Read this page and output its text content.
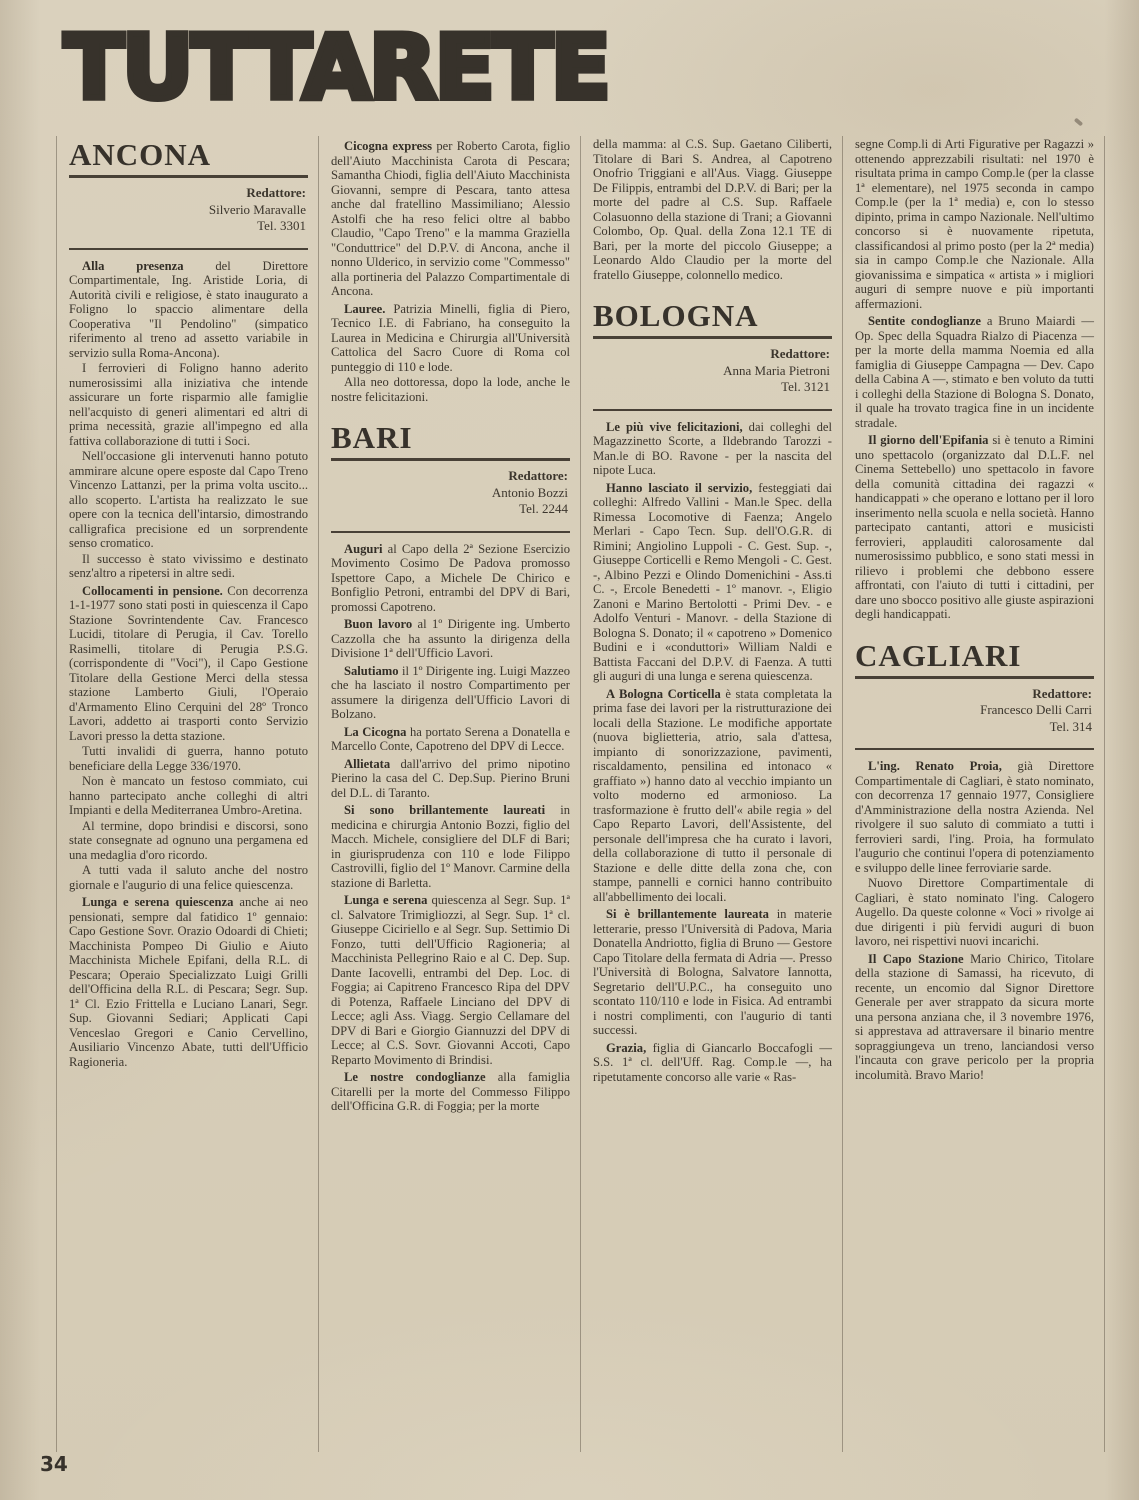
TUTTARETE
ANCONA
Redattore:
Silverio Maravalle
Tel. 3301

Alla presenza del Direttore Compartimentale, Ing. Aristide Loria, di Autorità civili e religiose, è stato inaugurato a Foligno lo spaccio alimentare della Cooperativa "Il Pendolino" (simpatico riferimento al treno ad assetto variabile in servizio sulla Roma-Ancona).

I ferrovieri di Foligno hanno aderito numerosissimi alla iniziativa che intende assicurare un forte risparmio alle famiglie nell'acquisto di generi alimentari ed altri di prima necessità, grazie all'impegno ed alla fattiva collaborazione di tutti i Soci.

Nell'occasione gli intervenuti hanno potuto ammirare alcune opere esposte dal Capo Treno Vincenzo Lattanzi, per la prima volta uscito... allo scoperto. L'artista ha realizzato le sue opere con la tecnica dell'intarsio, dimostrando calligrafica precisione ed un sorprendente senso cromatico.

Il successo è stato vivissimo e destinato senz'altro a ripetersi in altre sedi.

Collocamenti in pensione. Con decorrenza 1-1-1977 sono stati posti in quiescenza il Capo Stazione Sovrintendente Cav. Francesco Lucidi, titolare di Perugia, il Cav. Torello Rasimelli, titolare di Perugia P.S.G. (corrispondente di "Voci"), il Capo Gestione Titolare della Gestione Merci della stessa stazione Lamberto Giuli, l'Operaio d'Armamento Elino Cerquini del 28º Tronco Lavori, addetto ai trasporti conto Servizio Lavori presso la detta stazione.

Tutti invalidi di guerra, hanno potuto beneficiare della Legge 336/1970.

Non è mancato un festoso commiato, cui hanno partecipato anche colleghi di altri Impianti e della Mediterranea Umbro-Aretina.

Al termine, dopo brindisi e discorsi, sono state consegnate ad ognuno una pergamena ed una medaglia d'oro ricordo.

A tutti vada il saluto anche del nostro giornale e l'augurio di una felice quiescenza.

Lunga e serena quiescenza anche ai neo pensionati, sempre dal fatidico 1º gennaio: Capo Gestione Sovr. Orazio Odoardi di Chieti; Macchinista Pompeo Di Giulio e Aiuto Macchinista Michele Epifani, della R.L. di Pescara; Operaio Specializzato Luigi Grilli dell'Officina della R.L. di Pescara; Segr. Sup. 1ª Cl. Ezio Frittella e Luciano Lanari, Segr. Sup. Giovanni Sediari; Applicati Capi Venceslao Gregori e Canio Cervellino, Ausiliario Vincenzo Abate, tutti dell'Ufficio Ragioneria.

Cicogna express per Roberto Carota, figlio dell'Aiuto Macchinista Carota di Pescara; Samantha Chiodi, figlia dell'Aiuto Macchinista Giovanni, sempre di Pescara, tanto attesa anche dal fratellino Massimiliano; Alessio Astolfi che ha reso felici oltre al babbo Claudio, "Capo Treno" e la mamma Graziella "Conduttrice" del D.P.V. di Ancona, anche il nonno Ulderico, in servizio come "Commesso" alla portineria del Palazzo Compartimentale di Ancona.

Lauree. Patrizia Minelli, figlia di Piero, Tecnico I.E. di Fabriano, ha conseguito la Laurea in Medicina e Chirurgia all'Università Cattolica del Sacro Cuore di Roma col punteggio di 110 e lode.

Alla neo dottoressa, dopo la lode, anche le nostre felicitazioni.

BARI
Redattore:
Antonio Bozzi
Tel. 2244

Auguri al Capo della 2ª Sezione Esercizio Movimento Cosimo De Padova promosso Ispettore Capo, a Michele De Chirico e Bonfiglio Petroni, entrambi del DPV di Bari, promossi Capotreno.

Buon lavoro al 1º Dirigente ing. Umberto Cazzolla che ha assunto la dirigenza della Divisione 1ª dell'Ufficio Lavori.

Salutiamo il 1º Dirigente ing. Luigi Mazzeo che ha lasciato il nostro Compartimento per assumere la dirigenza dell'Ufficio Lavori di Bolzano.

La Cicogna ha portato Serena a Donatella e Marcello Conte, Capotreno del DPV di Lecce.

Allietata dall'arrivo del primo nipotino Pierino la casa del C. Dep.Sup. Pierino Bruni del D.L. di Taranto.

Si sono brillantemente laureati in medicina e chirurgia Antonio Bozzi, figlio del Macch. Michele, consigliere del DLF di Bari; in giurisprudenza con 110 e lode Filippo Castrovilli, figlio del 1º Manovr. Carmine della stazione di Barletta.

Lunga e serena quiescenza al Segr. Sup. 1ª cl. Salvatore Trimigliozzi, al Segr. Sup. 1ª cl. Giuseppe Ciciriello e al Segr. Sup. Settimio Di Fonzo, tutti dell'Ufficio Ragioneria; al Macchinista Pellegrino Raio e al C. Dep. Sup. Dante Iacovelli, entrambi del Dep. Loc. di Foggia; ai Capitreno Francesco Ripa del DPV di Potenza, Raffaele Linciano del DPV di Lecce; agli Ass. Viagg. Sergio Cellamare del DPV di Bari e Giorgio Giannuzzi del DPV di Lecce; al C.S. Sovr. Giovanni Accoti, Capo Reparto Movimento di Brindisi.

Le nostre condoglianze alla famiglia Citarelli per la morte del Commesso Filippo dell'Officina G.R. di Foggia; per la morte

della mamma: al C.S. Sup. Gaetano Ciliberti, Titolare di Bari S. Andrea, al Capotreno Onofrio Triggiani e all'Aus. Viagg. Giuseppe De Filippis, entrambi del D.P.V. di Bari; per la morte del padre al C.S. Sup. Raffaele Colasuonno della stazione di Trani; a Giovanni Colombo, Op. Qual. della Zona 12.1 TE di Bari, per la morte del piccolo Giuseppe; a Leonardo Aldo Claudio per la morte del fratello Giuseppe, colonnello medico.

BOLOGNA
Redattore:
Anna Maria Pietroni
Tel. 3121

Le più vive felicitazioni, dai colleghi del Magazzinetto Scorte, a Ildebrando Tarozzi - Man.le di BO. Ravone - per la nascita del nipote Luca.

Hanno lasciato il servizio, festeggiati dai colleghi: Alfredo Vallini - Man.le Spec. della Rimessa Locomotive di Faenza; Angelo Merlari - Capo Tecn. Sup. dell'O.G.R. di Rimini; Angiolino Luppoli - C. Gest. Sup. -, Giuseppe Corticelli e Remo Mengoli - C. Gest. -, Albino Pezzi e Olindo Domenichini - Ass.ti C. -, Ercole Benedetti - 1º manovr. -, Eligio Zanoni e Marino Bertolotti - Primi Dev. - e Adolfo Venturi - Manovr. - della Stazione di Bologna S. Donato; il « capotreno » Domenico Budini e i «conduttori» William Naldi e Battista Faccani del D.P.V. di Faenza. A tutti gli auguri di una lunga e serena quiescenza.

A Bologna Corticella è stata completata la prima fase dei lavori per la ristrutturazione dei locali della Stazione. Le modifiche apportate (nuova biglietteria, atrio, sala d'attesa, impianto di sonorizzazione, pavimenti, riscaldamento, pensilina ed intonaco « graffiato ») hanno dato al vecchio impianto un volto moderno ed armonioso. La trasformazione è frutto dell'« abile regia » del Capo Reparto Lavori, dell'Assistente, del personale dell'impresa che ha curato i lavori, della collaborazione di tutto il personale di Stazione e delle ditte della zona che, con stampe, pannelli e cornici hanno contribuito all'abbellimento dei locali.

Si è brillantemente laureata in materie letterarie, presso l'Università di Padova, Maria Donatella Andriotto, figlia di Bruno — Gestore Capo Titolare della fermata di Adria —. Presso l'Università di Bologna, Salvatore Iannotta, Segretario dell'U.P.C., ha conseguito uno scontato 110/110 e lode in Fisica. Ad entrambi i nostri complimenti, con l'augurio di tanti successi.

Grazia, figlia di Giancarlo Boccafogli — S.S. 1ª cl. dell'Uff. Rag. Comp.le —, ha ripetutamente concorso alle varie « Ras-

segne Comp.li di Arti Figurative per Ragazzi » ottenendo apprezzabili risultati: nel 1970 è risultata prima in campo Comp.le (per la classe 1ª elementare), nel 1975 seconda in campo Comp.le (per la 1ª media) e, con lo stesso dipinto, prima in campo Nazionale. Nell'ultimo concorso si è nuovamente ripetuta, classificandosi al primo posto (per la 2ª media) sia in campo Comp.le che Nazionale. Alla giovanissima e simpatica « artista » i migliori auguri di sempre nuove e più importanti affermazioni.

Sentite condoglianze a Bruno Maiardi — Op. Spec della Squadra Rialzo di Piacenza — per la morte della mamma Noemia ed alla famiglia di Giuseppe Campagna — Dev. Capo della Cabina A —, stimato e ben voluto da tutti i colleghi della Stazione di Bologna S. Donato, il quale ha trovato tragica fine in un incidente stradale.

Il giorno dell'Epifania si è tenuto a Rimini uno spettacolo (organizzato dal D.L.F. nel Cinema Settebello) uno spettacolo in favore della comunità cittadina dei ragazzi « handicappati » che operano e lottano per il loro inserimento nella scuola e nella società. Hanno partecipato cantanti, attori e musicisti ferrovieri, applauditi calorosamente dal numerosissimo pubblico, e sono stati messi in rilievo i problemi che debbono essere affrontati, con l'aiuto di tutti i cittadini, per dare uno sbocco positivo alle giuste aspirazioni degli handicappati.

CAGLIARI
Redattore:
Francesco Delli Carri
Tel. 314

L'ing. Renato Proia, già Direttore Compartimentale di Cagliari, è stato nominato, con decorrenza 17 gennaio 1977, Consigliere d'Amministrazione della nostra Azienda. Nel rivolgere il suo saluto di commiato a tutti i ferrovieri sardi, l'ing. Proia, ha formulato l'augurio che continui l'opera di potenziamento e sviluppo delle linee ferroviarie sarde.

Nuovo Direttore Compartimentale di Cagliari, è stato nominato l'ing. Calogero Augello. Da queste colonne « Voci » rivolge ai due dirigenti i più fervidi auguri di buon lavoro, nei rispettivi nuovi incarichi.

Il Capo Stazione Mario Chirico, Titolare della stazione di Samassi, ha ricevuto, di recente, un encomio dal Signor Direttore Generale per aver strappato da sicura morte una persona anziana che, il 3 novembre 1976, si apprestava ad attraversare il binario mentre sopraggiungeva un treno, lanciandosi verso l'incauta con grave pericolo per la propria incolumità. Bravo Mario!

34
